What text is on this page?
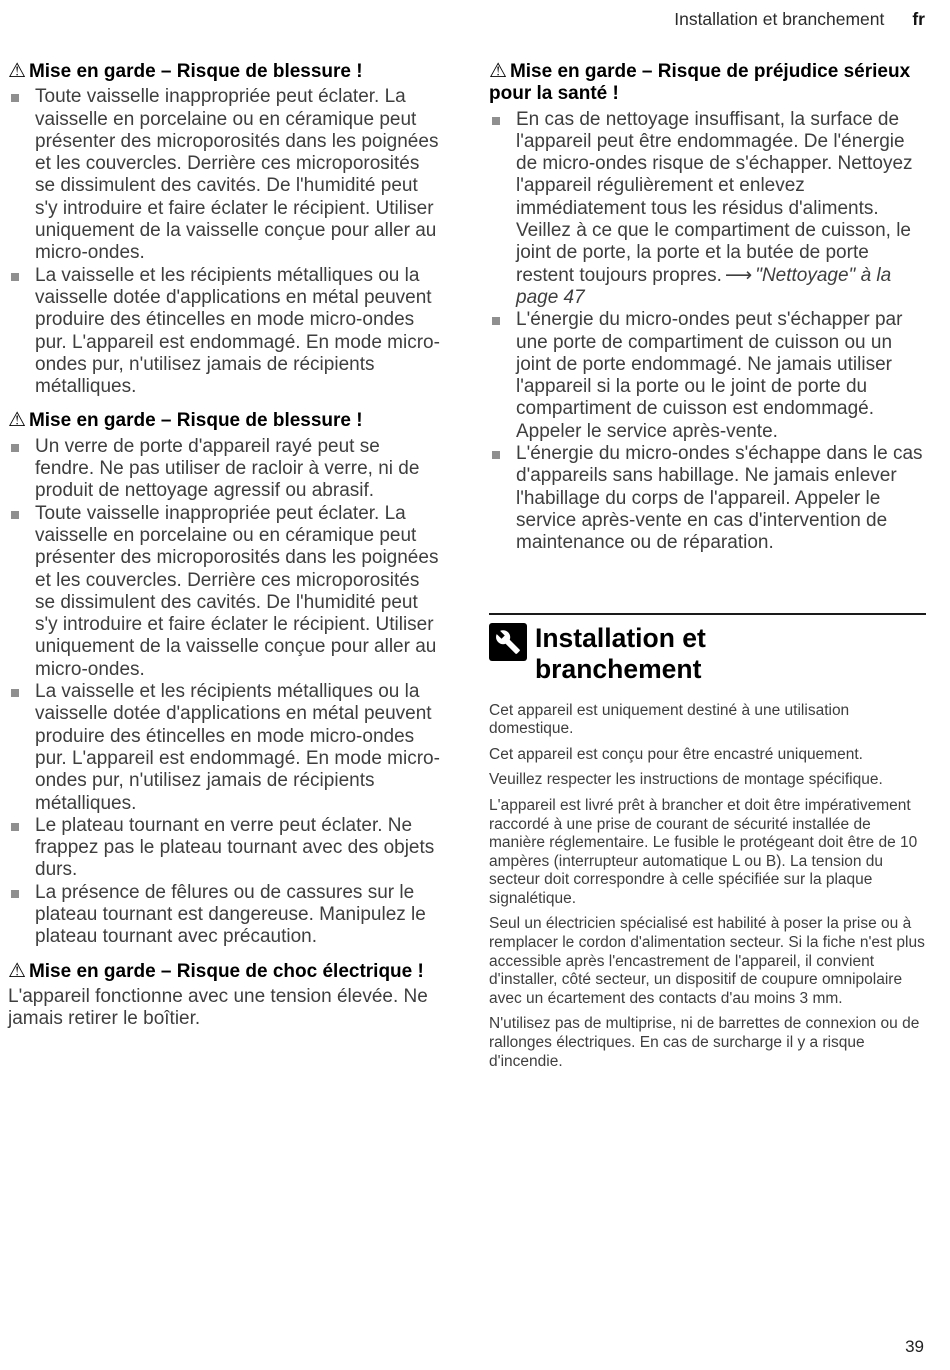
Installation et branchement fr
⚠ Mise en garde – Risque de blessure !
Toute vaisselle inappropriée peut éclater. La vaisselle en porcelaine ou en céramique peut présenter des microporosités dans les poignées et les couvercles. Derrière ces microporosités se dissimulent des cavités. De l'humidité peut s'y introduire et faire éclater le récipient. Utiliser uniquement de la vaisselle conçue pour aller au micro-ondes.
La vaisselle et les récipients métalliques ou la vaisselle dotée d'applications en métal peuvent produire des étincelles en mode micro-ondes pur. L'appareil est endommagé. En mode micro-ondes pur, n'utilisez jamais de récipients métalliques.
⚠ Mise en garde – Risque de blessure !
Un verre de porte d'appareil rayé peut se fendre. Ne pas utiliser de racloir à verre, ni de produit de nettoyage agressif ou abrasif.
Toute vaisselle inappropriée peut éclater. La vaisselle en porcelaine ou en céramique peut présenter des microporosités dans les poignées et les couvercles. Derrière ces microporosités se dissimulent des cavités. De l'humidité peut s'y introduire et faire éclater le récipient. Utiliser uniquement de la vaisselle conçue pour aller au micro-ondes.
La vaisselle et les récipients métalliques ou la vaisselle dotée d'applications en métal peuvent produire des étincelles en mode micro-ondes pur. L'appareil est endommagé. En mode micro-ondes pur, n'utilisez jamais de récipients métalliques.
Le plateau tournant en verre peut éclater. Ne frappez pas le plateau tournant avec des objets durs.
La présence de fêlures ou de cassures sur le plateau tournant est dangereuse. Manipulez le plateau tournant avec précaution.
⚠ Mise en garde – Risque de choc électrique !

L'appareil fonctionne avec une tension élevée. Ne jamais retirer le boîtier.

⚠ Mise en garde – Risque de préjudice sérieux pour la santé !
En cas de nettoyage insuffisant, la surface de l'appareil peut être endommagée. De l'énergie de micro-ondes risque de s'échapper. Nettoyez l'appareil régulièrement et enlevez immédiatement tous les résidus d'aliments. Veillez à ce que le compartiment de cuisson, le joint de porte, la porte et la butée de porte restent toujours propres. ⟶ "Nettoyage" à la page 47
L'énergie du micro-ondes peut s'échapper par une porte de compartiment de cuisson ou un joint de porte endommagé. Ne jamais utiliser l'appareil si la porte ou le joint de porte du compartiment de cuisson est endommagé. Appeler le service après-vente.
L'énergie du micro-ondes s'échappe dans le cas d'appareils sans habillage. Ne jamais enlever l'habillage du corps de l'appareil. Appeler le service après-vente en cas d'intervention de maintenance ou de réparation.
Installation et branchement

Cet appareil est uniquement destiné à une utilisation domestique.

Cet appareil est conçu pour être encastré uniquement.

Veuillez respecter les instructions de montage spécifique.

L'appareil est livré prêt à brancher et doit être impérativement raccordé à une prise de courant de sécurité installée de manière réglementaire. Le fusible le protégeant doit être de 10 ampères (interrupteur automatique L ou B). La tension du secteur doit correspondre à celle spécifiée sur la plaque signalétique.

Seul un électricien spécialisé est habilité à poser la prise ou à remplacer le cordon d'alimentation secteur. Si la fiche n'est plus accessible après l'encastrement de l'appareil, il convient d'installer, côté secteur, un dispositif de coupure omnipolaire avec un écartement des contacts d'au moins 3 mm.

N'utilisez pas de multiprise, ni de barrettes de connexion ou de rallonges électriques. En cas de surcharge il y a risque d'incendie.

39
